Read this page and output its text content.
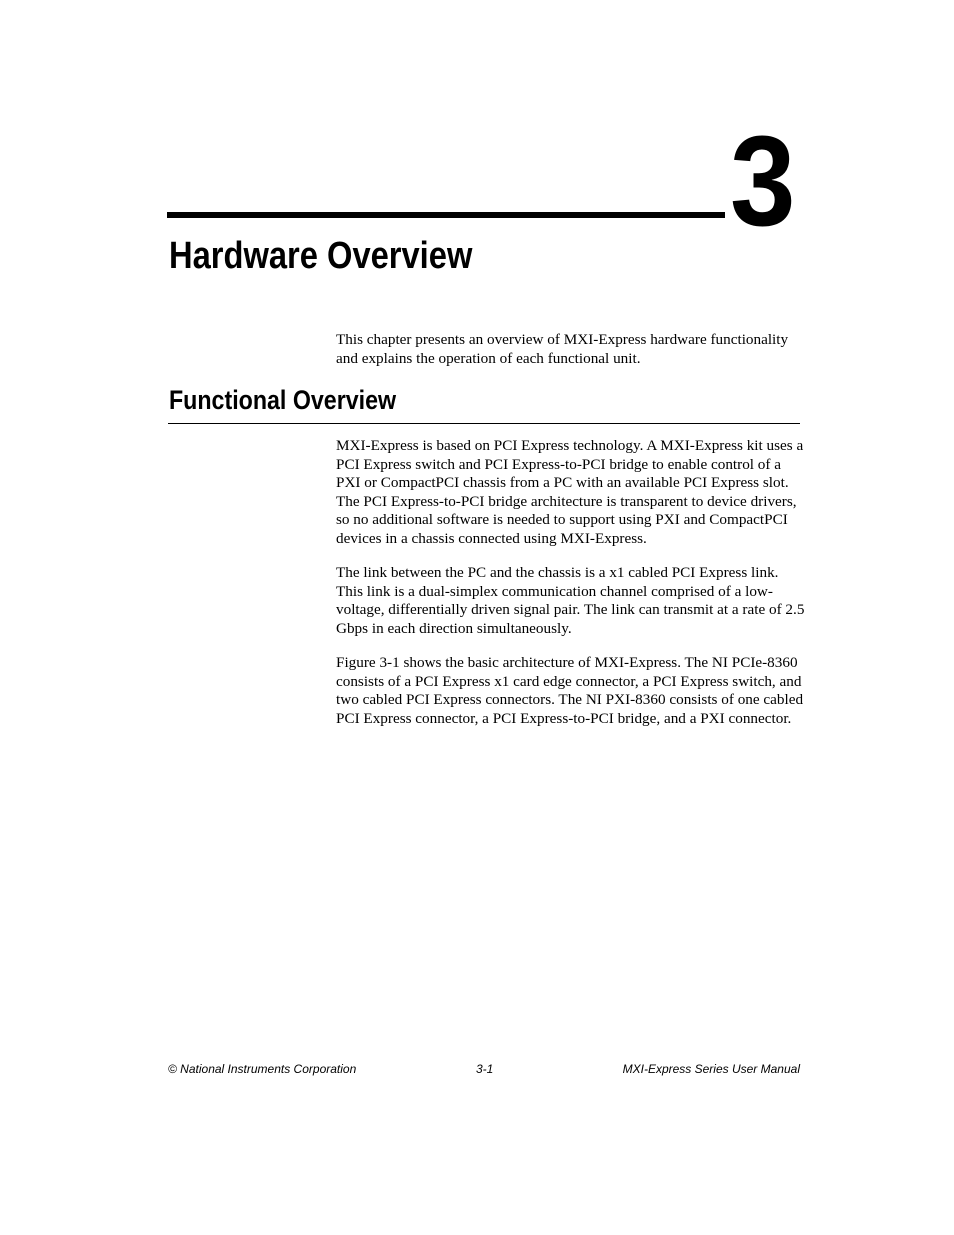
3
Hardware Overview

This chapter presents an overview of MXI-Express hardware functionality and explains the operation of each functional unit.

Functional Overview

MXI-Express is based on PCI Express technology. A MXI-Express kit uses a PCI Express switch and PCI Express-to-PCI bridge to enable control of a PXI or CompactPCI chassis from a PC with an available PCI Express slot. The PCI Express-to-PCI bridge architecture is transparent to device drivers, so no additional software is needed to support using PXI and CompactPCI devices in a chassis connected using MXI-Express.

The link between the PC and the chassis is a x1 cabled PCI Express link. This link is a dual-simplex communication channel comprised of a low-voltage, differentially driven signal pair. The link can transmit at a rate of 2.5 Gbps in each direction simultaneously.

Figure 3-1 shows the basic architecture of MXI-Express. The NI PCIe-8360 consists of a PCI Express x1 card edge connector, a PCI Express switch, and two cabled PCI Express connectors. The NI PXI-8360 consists of one cabled PCI Express connector, a PCI Express-to-PCI bridge, and a PXI connector.

© National Instruments Corporation	3-1	MXI-Express Series User Manual
